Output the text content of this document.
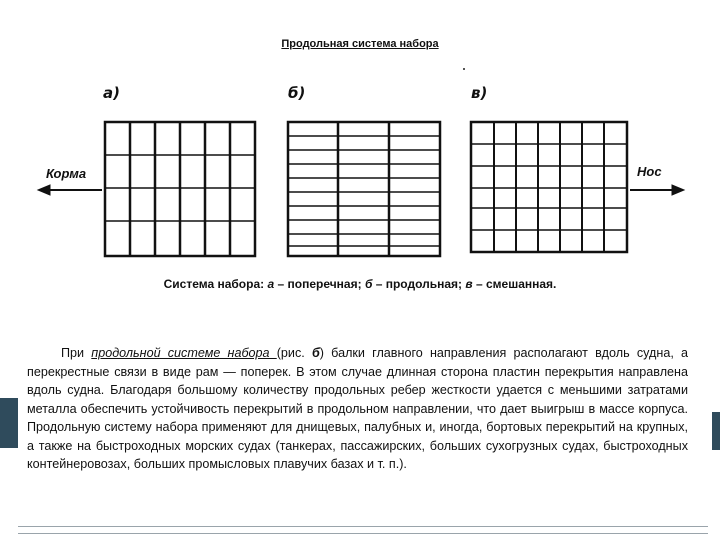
Продольная система набора
а)	б)	в)
Корма	Нос
Система набора: а – поперечная; б – продольная; в – смешанная.
При продольной системе набора (рис. б) балки главного направления располагают вдоль судна, а перекрестные связи в виде рам — поперек. В этом случае длинная сторона пластин перекрытия направлена вдоль судна. Благодаря большому количеству продольных ребер жесткости удается с меньшими затратами металла обеспечить устойчивость перекрытий в продольном направлении, что дает выигрыш в массе корпуса. Продольную систему набора применяют для днищевых, палубных и, иногда, бортовых перекрытий на крупных, а также на быстроходных морских судах (танкерах, пассажирских, больших сухогрузных судах, быстроходных контейнеровозах, больших промысловых плавучих базах и т. п.).
